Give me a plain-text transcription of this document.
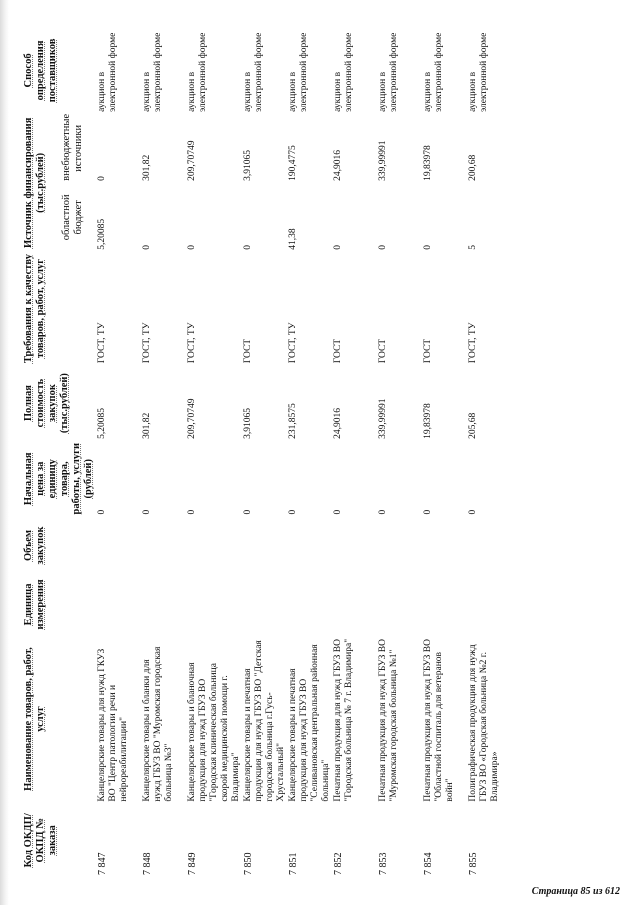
Код ОКДП/ ОКПД № заказа	Наименование товаров, работ, услуг	Единица измерения	Объем закупок	Начальная цена за единицу товара, работы, услуги (рублей)	Полная стоимость закупок (тыс.рублей)	Требования к качеству товаров, работ, услуг	Источник финансирования (тыс.рублей)		Способ определения поставщиков
							областной бюджет	внебюджетные источники	
7 847	Канцелярские товары для нужд ГКУЗ ВО "Центр патологии речи и нейрореабилитации"			0	5,20085	ГОСТ, ТУ	5,20085	0	аукцион в электронной форме
7 848	Канцелярские товары и бланки для нужд ГБУЗ ВО "Муромская городская больница №3"			0	301,82	ГОСТ, ТУ	0	301,82	аукцион в электронной форме
7 849	Канцелярские товары и бланочная продукция для нужд ГБУЗ ВО "Городская клиническая больница скорой медицинской помощи г. Владимира"			0	209,70749	ГОСТ, ТУ	0	209,70749	аукцион в электронной форме
7 850	Канцелярские товары и печатная продукция для нужд ГБУЗ ВО "Детская городская больница г.Гусь-Хрустальный"			0	3,91065	ГОСТ	0	3,91065	аукцион в электронной форме
7 851	Канцелярские товары и печатная продукция для нужд ГБУЗ ВО "Селивановская центральная районная больница"			0	231,8575	ГОСТ, ТУ	41,38	190,4775	аукцион в электронной форме
7 852	Печатная продукция для нужд ГБУЗ ВО "Городская больница № 7 г. Владимира"			0	24,9016	ГОСТ	0	24,9016	аукцион в электронной форме
7 853	Печатная продукция для нужд ГБУЗ ВО "Муромская городская больница №1"			0	339,99991	ГОСТ	0	339,99991	аукцион в электронной форме
7 854	Печатная продукция для нужд ГБУЗ ВО "Областной госпиталь для ветеранов войн"			0	19,83978	ГОСТ	0	19,83978	аукцион в электронной форме
7 855	Полиграфическая продукция для нужд ГБУЗ ВО «Городская больница №2 г. Владимира»			0	205,68	ГОСТ, ТУ	5	200,68	аукцион в электронной форме
Страница 85 из 612
